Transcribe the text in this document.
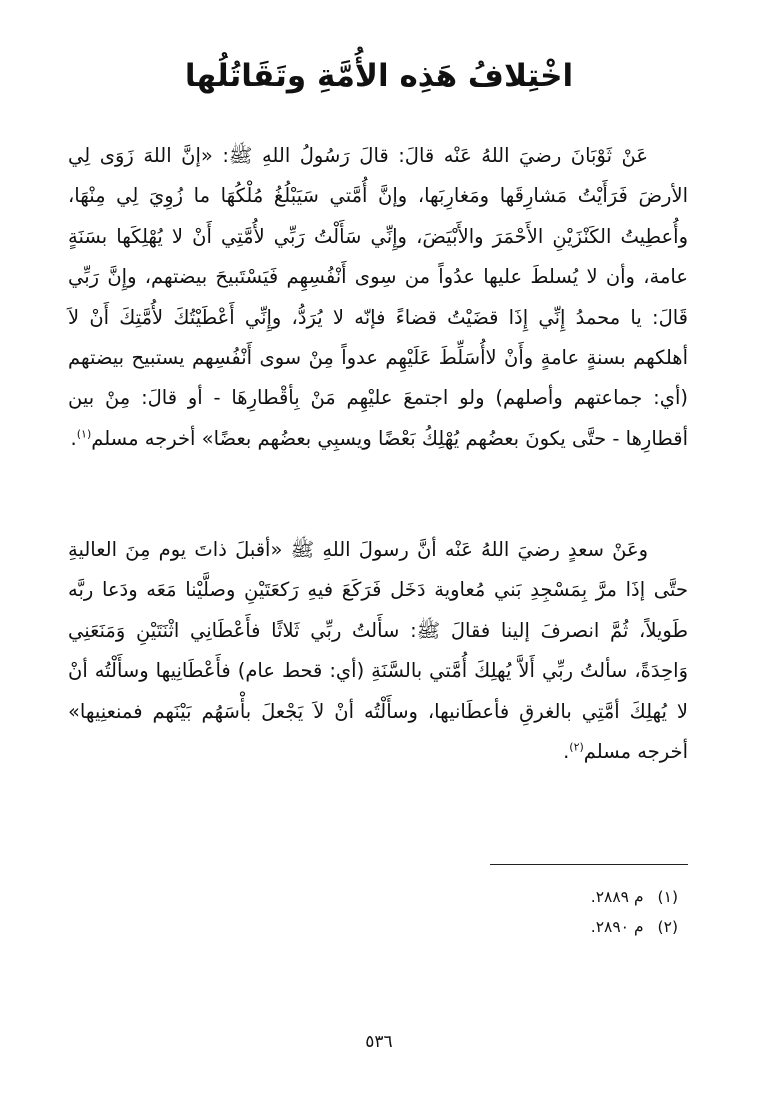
اخْتِلافُ هَذِه الأُمَّةِ وتَقَاتُلُها

عَنْ ثَوْبَانَ رضيَ اللهُ عَنْه قالَ: قالَ رَسُولُ اللهِ ﷺ: «إنَّ اللهَ زَوَى لِي الأرضَ فَرَأَيْتُ مَشارِقَها ومَغارِبَها، وإنَّ أُمَّتي سَيَبْلُغُ مُلْكُهَا ما زُوِيَ لِي مِنْهَا، وأُعطِيتُ الكَنْزَيْنِ الأَحْمَرَ والأَبْيَضَ، وإِنِّي سَأَلْتُ رَبِّي لأُمَّتِي أَنْ لا يُهْلِكَها بسَنَةٍ عامة، وأن لا يُسلطَ عليها عدُواً من سِوى أَنْفُسِهِم فَيَسْتَبيحَ بيضتهم، وإِنَّ رَبِّي قَالَ: يا محمدُ إِنِّي إِذَا قضَيْتُ قضاءً فإنّه لا يُرَدُّ، وإِنِّي أَعْطَيْتُكَ لأُمَّتِكَ أَنْ لاَ أهلكهم بسنةٍ عامةٍ وأَنْ لاأُسَلِّطَ عَلَيْهِم عدواً مِنْ سوى أَنْفُسِهم يستبيح بيضتهم (أي: جماعتهم وأصلهم) ولو اجتمعَ عليْهِم مَنْ بِأقْطارِهَا - أو قالَ: مِنْ بين أقطارِها - حتَّى يكونَ بعضُهم يُهْلِكُ بَعْضًا ويسبِي بعضُهم بعضًا» أخرجه مسلم$^{(١)}$.

وعَنْ سعدٍ رضيَ اللهُ عَنْه أنَّ رسولَ اللهِ ﷺ «أقبلَ ذاتَ يوم مِنَ العاليةِ حتَّى إذَا مرَّ بِمَسْجِدِ بَني مُعاوية دَخَل فَرَكَعَ فيهِ رَكعَتَيْنِ وصلَّيْنا مَعَه ودَعا ربَّه طَويلاً، ثُمَّ انصرفَ إلينا فقالَ ﷺ: سأَلتُ ربِّي ثَلاثًا فأَعْطَانِي اثْنَتَيْنِ وَمَنَعَنِي وَاحِدَةً، سألتُ ربِّي أَلاَّ يُهلِكَ أُمَّتي بالسَّنَةِ (أي: قحط عام) فأَعْطَانِيها وسأَلْتُه أنْ لا يُهلِكَ أمَّتِي بالغرقِ فأعطَانيها، وسأَلْتُه أنْ لاَ يَجْعلَ بأْسَهُم بَيْنَهم فمنعنِيها» أخرجه مسلم$^{(٢)}$.

(١)م ٢٨٨٩.
(٢)م ٢٨٩٠.
٥٣٦
